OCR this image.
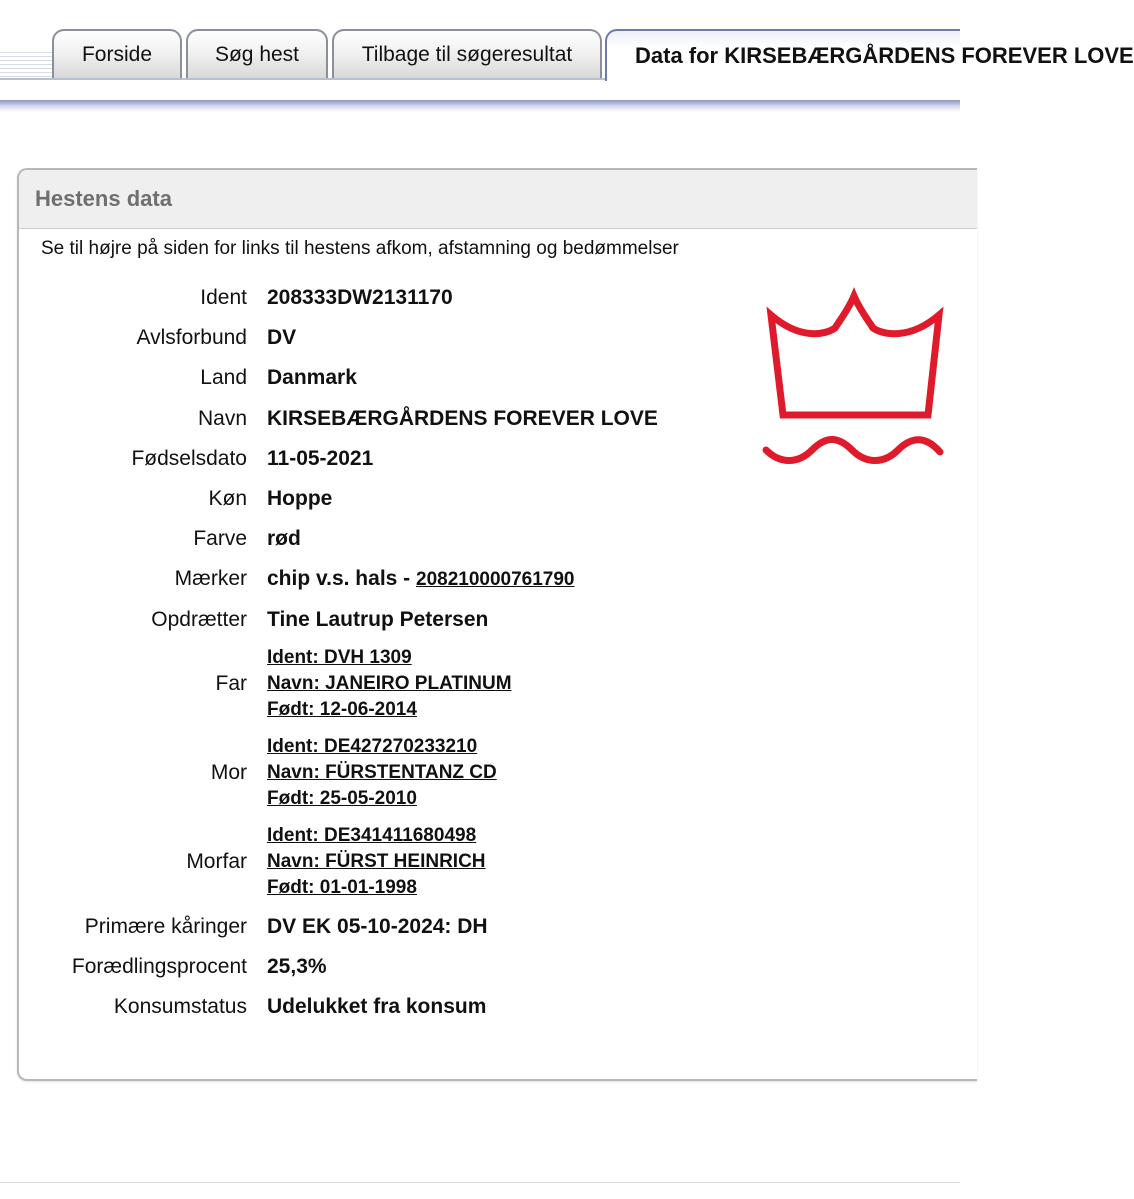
Forside	Søg hest	Tilbage til søgeresultat	Data for KIRSEBÆRGÅRDENS FOREVER LOVE
Hestens data
Se til højre på siden for links til hestens afkom, afstamning og bedømmelser
Ident 208333DW2131170
Avlsforbund DV
Land Danmark
Navn KIRSEBÆRGÅRDENS FOREVER LOVE
Fødselsdato 11-05-2021
Køn Hoppe
Farve rød
Mærker chip v.s. hals - 208210000761790
Opdrætter Tine Lautrup Petersen
Far
Ident: DVH 1309
Navn: JANEIRO PLATINUM
Født: 12-06-2014
Mor
Ident: DE427270233210
Navn: FÜRSTENTANZ CD
Født: 25-05-2010
Morfar
Ident: DE341411680498
Navn: FÜRST HEINRICH
Født: 01-01-1998
Primære kåringer DV EK 05-10-2024: DH
Forædlingsprocent 25,3%
Konsumstatus Udelukket fra konsum
